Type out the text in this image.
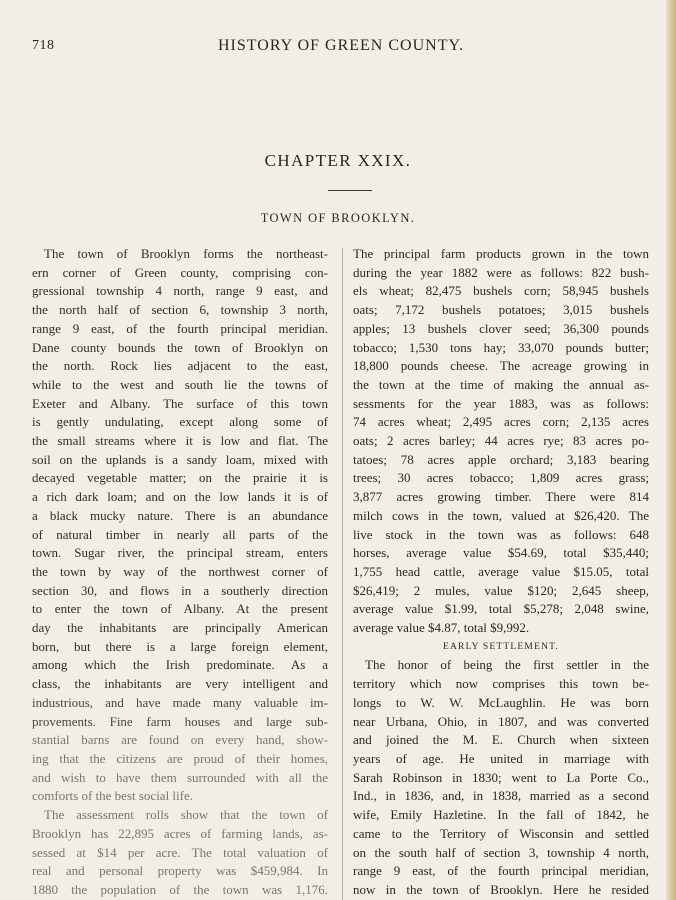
718	HISTORY OF GREEN COUNTY.
CHAPTER XXIX.
TOWN OF BROOKLYN.
The town of Brooklyn forms the northeast-
ern corner of Green county, comprising con-
gressional township 4 north, range 9 east, and
the north half of section 6, township 3 north,
range 9 east, of the fourth principal meridian.
Dane county bounds the town of Brooklyn on
the north. Rock lies adjacent to the east,
while to the west and south lie the towns of
Exeter and Albany. The surface of this town
is gently undulating, except along some of
the small streams where it is low and flat. The
soil on the uplands is a sandy loam, mixed with
decayed vegetable matter; on the prairie it is
a rich dark loam; and on the low lands it is of
a black mucky nature. There is an abundance
of natural timber in nearly all parts of the
town. Sugar river, the principal stream, enters
the town by way of the northwest corner of
section 30, and flows in a southerly direction
to enter the town of Albany. At the present
day the inhabitants are principally American
born, but there is a large foreign element,
among which the Irish predominate. As a
class, the inhabitants are very intelligent and
industrious, and have made many valuable im-
provements. Fine farm houses and large sub-
stantial barns are found on every hand, show-
ing that the citizens are proud of their homes,
and wish to have them surrounded with all the
comforts of the best social life.
The assessment rolls show that the town of
Brooklyn has 22,895 acres of farming lands, as-
sessed at $14 per acre. The total valuation of
real and personal property was $459,984. In
1880 the population of the town was 1,176.
The principal farm products grown in the town
during the year 1882 were as follows: 822 bush-
els wheat; 82,475 bushels corn; 58,945 bushels
oats; 7,172 bushels potatoes; 3,015 bushels
apples; 13 bushels clover seed; 36,300 pounds
tobacco; 1,530 tons hay; 33,070 pounds butter;
18,800 pounds cheese. The acreage growing in
the town at the time of making the annual as-
sessments for the year 1883, was as follows:
74 acres wheat; 2,495 acres corn; 2,135 acres
oats; 2 acres barley; 44 acres rye; 83 acres po-
tatoes; 78 acres apple orchard; 3,183 bearing
trees; 30 acres tobacco; 1,809 acres grass;
3,877 acres growing timber. There were 814
milch cows in the town, valued at $26,420. The
live stock in the town was as follows: 648
horses, average value $54.69, total $35,440;
1,755 head cattle, average value $15.05, total
$26,419; 2 mules, value $120; 2,645 sheep,
average value $1.99, total $5,278; 2,048 swine,
average value $4.87, total $9,992.
EARLY SETTLEMENT.
The honor of being the first settler in the
territory which now comprises this town be-
longs to W. W. McLaughlin. He was born
near Urbana, Ohio, in 1807, and was converted
and joined the M. E. Church when sixteen
years of age. He united in marriage with
Sarah Robinson in 1830; went to La Porte Co.,
Ind., in 1836, and, in 1838, married as a second
wife, Emily Hazletine. In the fall of 1842, he
came to the Territory of Wisconsin and settled
on the south half of section 3, township 4 north,
range 9 east, of the fourth principal meridian,
now in the town of Brooklyn. Here he resided
